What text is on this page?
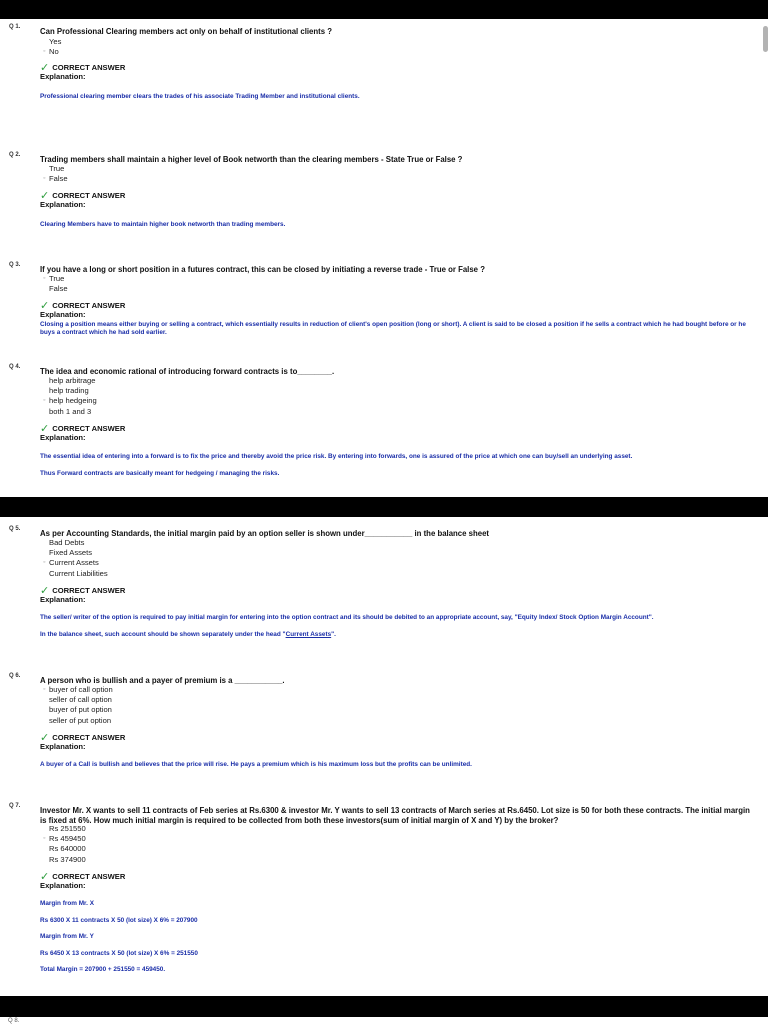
Q 1.	Can Professional Clearing members act only on behalf of institutional clients ?
Yes
◦ No
✓ CORRECT ANSWER
Explanation:

Professional clearing member clears the trades of his associate Trading Member and institutional clients.

Q 2.	Trading members shall maintain a higher level of Book networth than the clearing members - State True or False ?
True
◦ False
✓ CORRECT ANSWER
Explanation:

Clearing Members have to maintain higher book networth than trading members.

Q 3.	If you have a long or short position in a futures contract, this can be closed by initiating a reverse trade - True or False ?
◦ True
False
✓ CORRECT ANSWER
Explanation:

Closing a position means either buying or selling a contract, which essentially results in reduction of client's open position (long or short). A client is said to be closed a position if he sells a contract which he had bought before or he buys a contract which he had sold earlier.

Q 4.	The idea and economic rational of introducing forward contracts is to________.
help arbitrage
help trading
◦ help hedgeing
both 1 and 3
✓ CORRECT ANSWER
Explanation:

The essential idea of entering into a forward is to fix the price and thereby avoid the price risk. By entering into forwards, one is assured of the price at which one can buy/sell an underlying asset.

Thus Forward contracts are basically meant for hedgeing / managing the risks.

Q 5.	As per Accounting Standards, the initial margin paid by an option seller is shown under___________ in the balance sheet
Bad Debts
Fixed Assets
◦ Current Assets
Current Liabilities
✓ CORRECT ANSWER
Explanation:

The seller/ writer of the option is required to pay initial margin for entering into the option contract and its should be debited to an appropriate account, say, "Equity Index/ Stock Option Margin Account".

In the balance sheet, such account should be shown separately under the head "Current Assets".

Q 6.	A person who is bullish and a payer of premium is a ___________.
◦ buyer of call option
seller of call option
buyer of put option
seller of put option
✓ CORRECT ANSWER
Explanation:

A buyer of a Call is bullish and believes that the price will rise. He pays a premium which is his maximum loss but the profits can be unlimited.

Q 7.	Investor Mr. X wants to sell 11 contracts of Feb series at Rs.6300 & investor Mr. Y wants to sell 13 contracts of March series at Rs.6450. Lot size is 50 for both these contracts. The initial margin is fixed at 6%. How much initial margin is required to be collected from both these investors(sum of initial margin of X and Y) by the broker?
Rs 251550
◦ Rs 459450
Rs 640000
Rs 374900
✓ CORRECT ANSWER
Explanation:

Margin from Mr. X

Rs 6300 X 11 contracts X 50 (lot size) X 6% = 207900

Margin from Mr. Y

Rs 6450 X 13 contracts X 50 (lot size) X 6% = 251550

Total Margin = 207900 + 251550 = 459450.

Q 8.
